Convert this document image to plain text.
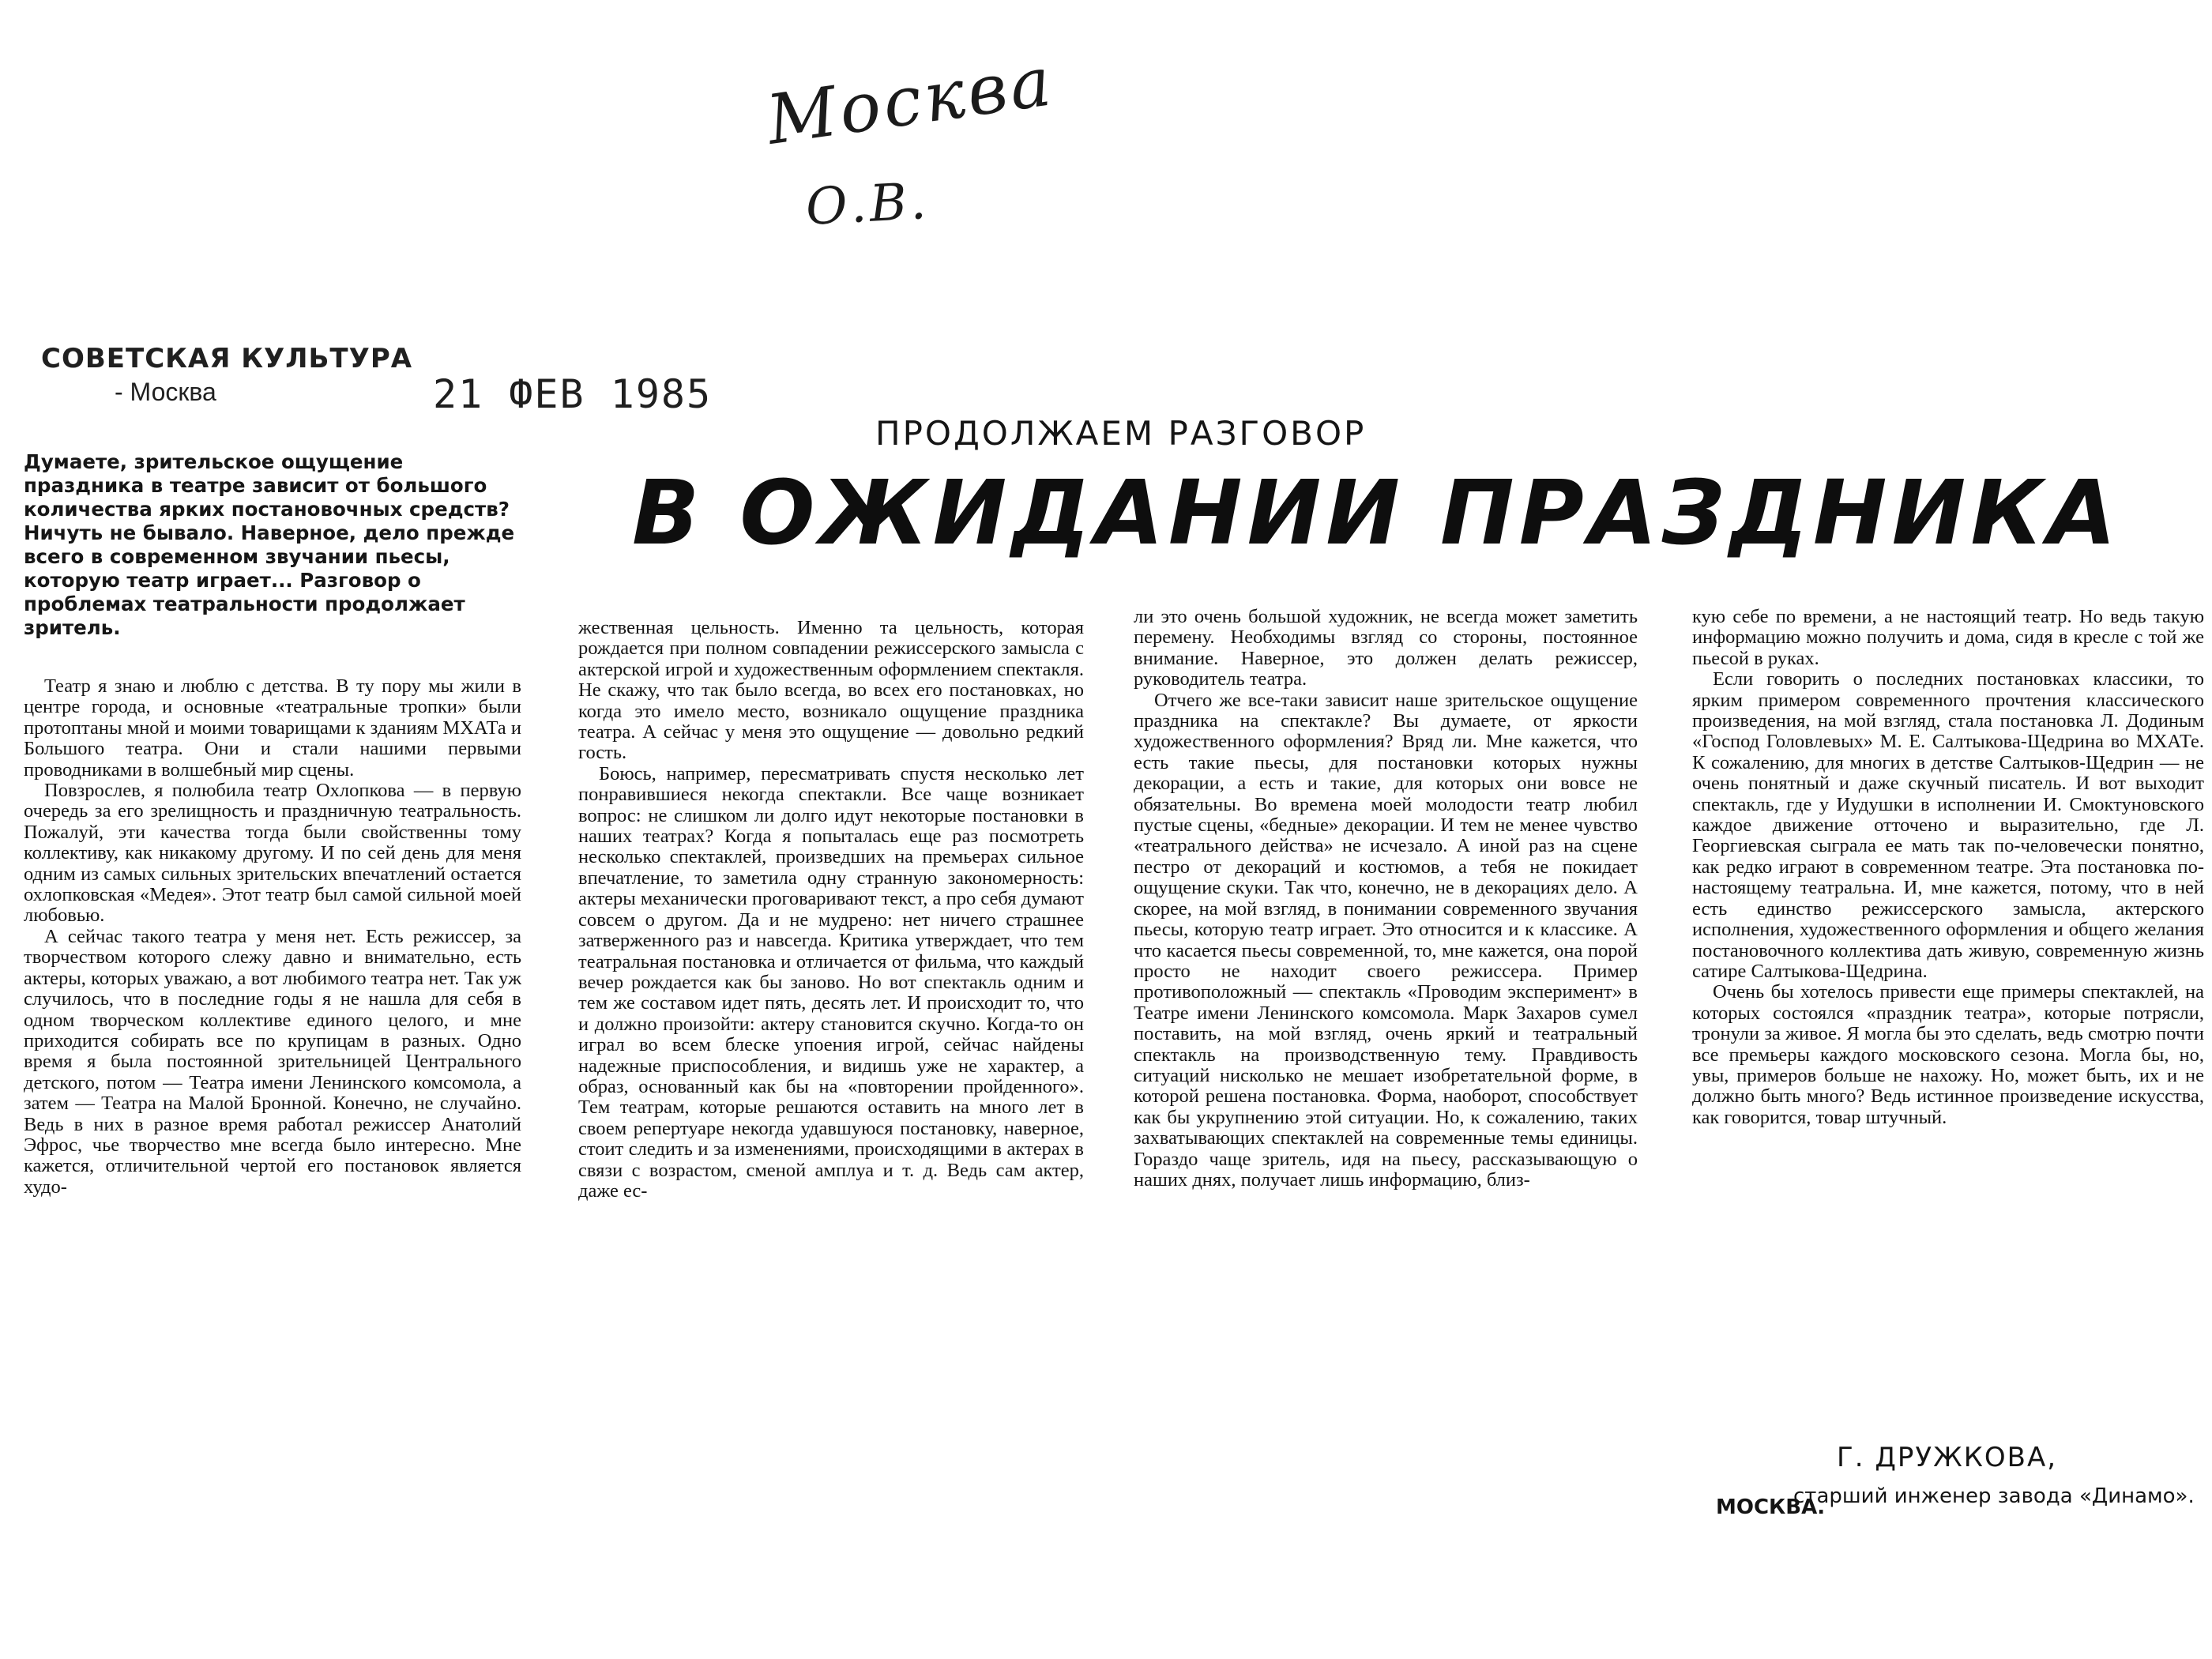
Москва
О.В.
СОВЕТСКАЯ КУЛЬТУРА
- Москва	21 ФЕВ 1985
ПРОДОЛЖАЕМ РАЗГОВОР
В ОЖИДАНИИ ПРАЗДНИКА

Думаете, зрительское ощущение праздника в театре зависит от большого количества ярких постановочных средств? Ничуть не бывало. Наверное, дело прежде всего в современном звучании пьесы, которую театр играет... Разговор о проблемах театральности продолжает зритель.

Театр я знаю и люблю с детства. В ту пору мы жили в центре города, и основные «театральные тропки» были протоптаны мной и моими товарищами к зданиям МХАТа и Большого театра. Они и стали нашими первыми проводниками в волшебный мир сцены.

Повзрослев, я полюбила театр Охлопкова — в первую очередь за его зрелищность и праздничную театральность. Пожалуй, эти качества тогда были свойственны тому коллективу, как никакому другому. И по сей день для меня одним из самых сильных зрительских впечатлений остается охлопковская «Медея». Этот театр был самой сильной моей любовью.

А сейчас такого театра у меня нет. Есть режиссер, за творчеством которого слежу давно и внимательно, есть актеры, которых уважаю, а вот любимого театра нет. Так уж случилось, что в последние годы я не нашла для себя в одном творческом коллективе единого целого, и мне приходится собирать все по крупицам в разных. Одно время я была постоянной зрительницей Центрального детского, потом — Театра имени Ленинского комсомола, а затем — Театра на Малой Бронной. Конечно, не случайно. Ведь в них в разное время работал режиссер Анатолий Эфрос, чье творчество мне всегда было интересно. Мне кажется, отличительной чертой его постановок является худо-

жественная цельность. Именно та цельность, которая рождается при полном совпадении режиссерского замысла с актерской игрой и художественным оформлением спектакля. Не скажу, что так было всегда, во всех его постановках, но когда это имело место, возникало ощущение праздника театра. А сейчас у меня это ощущение — довольно редкий гость.

Боюсь, например, пересматривать спустя несколько лет понравившиеся некогда спектакли. Все чаще возникает вопрос: не слишком ли долго идут некоторые постановки в наших театрах? Когда я попыталась еще раз посмотреть несколько спектаклей, произведших на премьерах сильное впечатление, то заметила одну странную закономерность: актеры механически проговаривают текст, а про себя думают совсем о другом. Да и не мудрено: нет ничего страшнее затверженного раз и навсегда. Критика утверждает, что тем театральная постановка и отличается от фильма, что каждый вечер рождается как бы заново. Но вот спектакль одним и тем же составом идет пять, десять лет. И происходит то, что и должно произойти: актеру становится скучно. Когда-то он играл во всем блеске упоения игрой, сейчас найдены надежные приспособления, и видишь уже не характер, а образ, основанный как бы на «повторении пройденного». Тем театрам, которые решаются оставить на много лет в своем репертуаре некогда удавшуюся постановку, наверное, стоит следить и за изменениями, происходящими в актерах в связи с возрастом, сменой амплуа и т. д. Ведь сам актер, даже ес-

ли это очень большой художник, не всегда может заметить перемену. Необходимы взгляд со стороны, постоянное внимание. Наверное, это должен делать режиссер, руководитель театра.

Отчего же все-таки зависит наше зрительское ощущение праздника на спектакле? Вы думаете, от яркости художественного оформления? Вряд ли. Мне кажется, что есть такие пьесы, для постановки которых нужны декорации, а есть и такие, для которых они вовсе не обязательны. Во времена моей молодости театр любил пустые сцены, «бедные» декорации. И тем не менее чувство «театрального действа» не исчезало. А иной раз на сцене пестро от декораций и костюмов, а тебя не покидает ощущение скуки. Так что, конечно, не в декорациях дело. А скорее, на мой взгляд, в понимании современного звучания пьесы, которую театр играет. Это относится и к классике. А что касается пьесы современной, то, мне кажется, она порой просто не находит своего режиссера. Пример противоположный — спектакль «Проводим эксперимент» в Театре имени Ленинского комсомола. Марк Захаров сумел поставить, на мой взгляд, очень яркий и театральный спектакль на производственную тему. Правдивость ситуаций нисколько не мешает изобретательной форме, в которой решена постановка. Форма, наоборот, способствует как бы укрупнению этой ситуации. Но, к сожалению, таких захватывающих спектаклей на современные темы единицы. Гораздо чаще зритель, идя на пьесу, рассказывающую о наших днях, получает лишь информацию, близ-

кую себе по времени, а не настоящий театр. Но ведь такую информацию можно получить и дома, сидя в кресле с той же пьесой в руках.

Если говорить о последних постановках классики, то ярким примером современного прочтения классического произведения, на мой взгляд, стала постановка Л. Додиным «Господ Головлевых» М. Е. Салтыкова-Щедрина во МХАТе. К сожалению, для многих в детстве Салтыков-Щедрин — не очень понятный и даже скучный писатель. И вот выходит спектакль, где у Иудушки в исполнении И. Смоктуновского каждое движение отточено и выразительно, где Л. Георгиевская сыграла ее мать так по-человечески понятно, как редко играют в современном театре. Эта постановка по-настоящему театральна. И, мне кажется, потому, что в ней есть единство режиссерского замысла, актерского исполнения, художественного оформления и общего желания постановочного коллектива дать живую, современную жизнь сатире Салтыкова-Щедрина.

Очень бы хотелось привести еще примеры спектаклей, на которых состоялся «праздник театра», которые потрясли, тронули за живое. Я могла бы это сделать, ведь смотрю почти все премьеры каждого московского сезона. Могла бы, но, увы, примеров больше не нахожу. Но, может быть, их и не должно быть много? Ведь истинное произведение искусства, как говорится, товар штучный.

Г. ДРУЖКОВА,
МОСКВА.
старший инженер завода «Динамо».
